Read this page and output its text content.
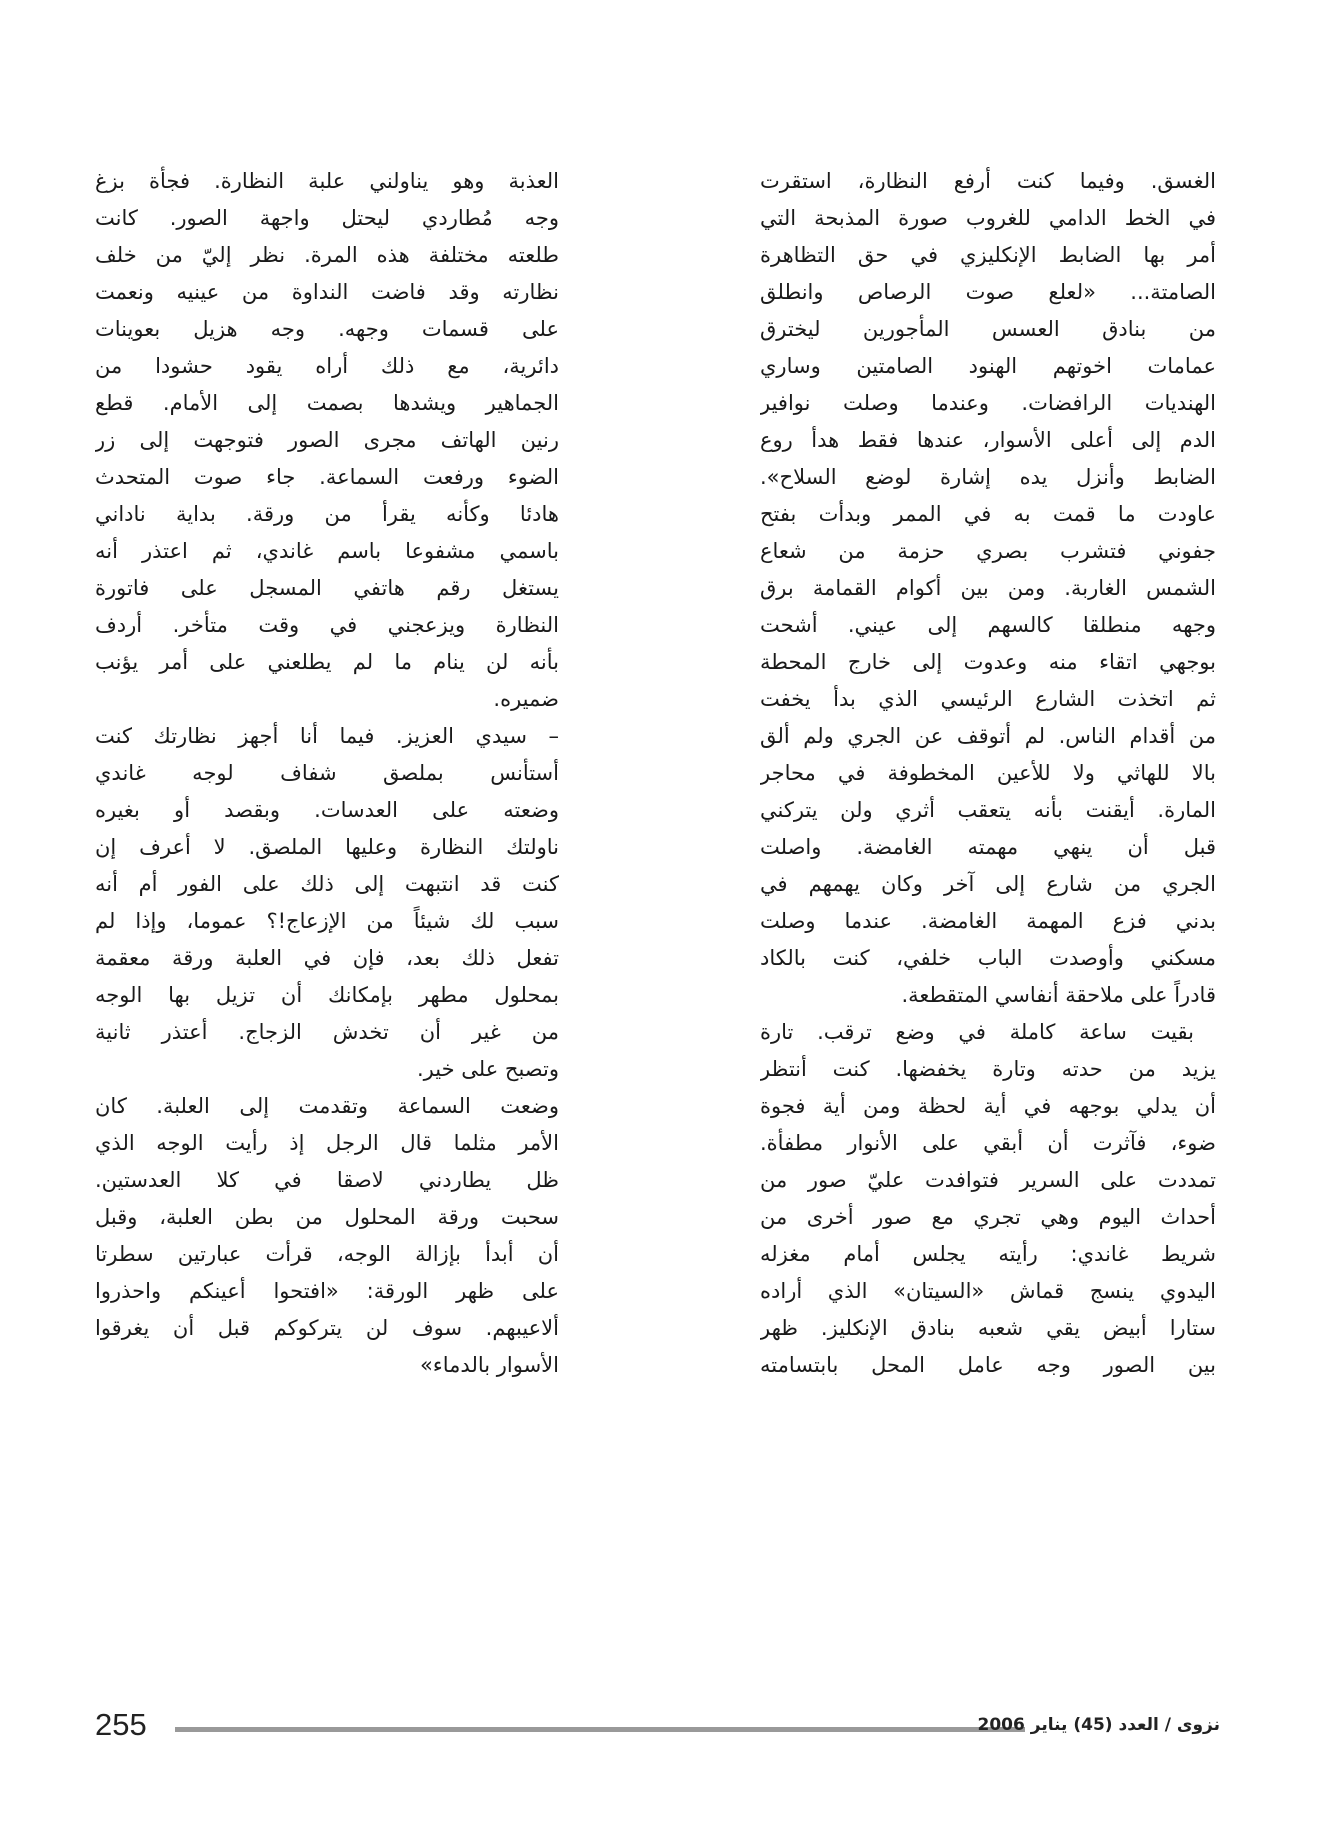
الغسق. وفيما كنت أرفع النظارة، استقرت
في الخط الدامي للغروب صورة المذبحة التي
أمر بها الضابط الإنكليزي في حق التظاهرة
الصامتة... «لعلع صوت الرصاص وانطلق
من بنادق العسس المأجورين ليخترق
عمامات اخوتهم الهنود الصامتين وساري
الهنديات الرافضات. وعندما وصلت نوافير
الدم إلى أعلى الأسوار، عندها فقط هدأ روع
الضابط وأنزل يده إشارة لوضع السلاح».
عاودت ما قمت به في الممر وبدأت بفتح
جفوني فتشرب بصري حزمة من شعاع
الشمس الغاربة. ومن بين أكوام القمامة برق
وجهه منطلقا كالسهم إلى عيني. أشحت
بوجهي اتقاء منه وعدوت إلى خارج المحطة
ثم اتخذت الشارع الرئيسي الذي بدأ يخفت
من أقدام الناس. لم أتوقف عن الجري ولم ألق
بالا للهاثي ولا للأعين المخطوفة في محاجر
المارة. أيقنت بأنه يتعقب أثري ولن يتركني
قبل أن ينهي مهمته الغامضة. واصلت
الجري من شارع إلى آخر وكان يهمهم في
بدني فزع المهمة الغامضة. عندما وصلت
مسكني وأوصدت الباب خلفي، كنت بالكاد
قادراً على ملاحقة أنفاسي المتقطعة.
بقيت ساعة كاملة في وضع ترقب. تارة
يزيد من حدته وتارة يخفضها. كنت أنتظر
أن يدلي بوجهه في أية لحظة ومن أية فجوة
ضوء، فآثرت أن أبقي على الأنوار مطفأة.
تمددت على السرير فتوافدت عليّ صور من
أحداث اليوم وهي تجري مع صور أخرى من
شريط غاندي: رأيته يجلس أمام مغزله
اليدوي ينسج قماش «السيتان» الذي أراده
ستارا أبيض يقي شعبه بنادق الإنكليز. ظهر
بين الصور وجه عامل المحل بابتسامته
العذبة وهو يناولني علبة النظارة. فجأة بزغ
وجه مُطاردي ليحتل واجهة الصور. كانت
طلعته مختلفة هذه المرة. نظر إليّ من خلف
نظارته وقد فاضت النداوة من عينيه ونعمت
على قسمات وجهه. وجه هزيل بعوينات
دائرية، مع ذلك أراه يقود حشودا من
الجماهير ويشدها بصمت إلى الأمام. قطع
رنين الهاتف مجرى الصور فتوجهت إلى زر
الضوء ورفعت السماعة. جاء صوت المتحدث
هادئا وكأنه يقرأ من ورقة. بداية ناداني
باسمي مشفوعا باسم غاندي، ثم اعتذر أنه
يستغل رقم هاتفي المسجل على فاتورة
النظارة ويزعجني في وقت متأخر. أردف
بأنه لن ينام ما لم يطلعني على أمر يؤنب
ضميره.
– سيدي العزيز. فيما أنا أجهز نظارتك كنت
أستأنس بملصق شفاف لوجه غاندي
وضعته على العدسات. وبقصد أو بغيره
ناولتك النظارة وعليها الملصق. لا أعرف إن
كنت قد انتبهت إلى ذلك على الفور أم أنه
سبب لك شيئاً من الإزعاج!؟ عموما، وإذا لم
تفعل ذلك بعد، فإن في العلبة ورقة معقمة
بمحلول مطهر بإمكانك أن تزيل بها الوجه
من غير أن تخدش الزجاج. أعتذر ثانية
وتصبح على خير.
وضعت السماعة وتقدمت إلى العلبة. كان
الأمر مثلما قال الرجل إذ رأيت الوجه الذي
ظل يطاردني لاصقا في كلا العدستين.
سحبت ورقة المحلول من بطن العلبة، وقبل
أن أبدأ بإزالة الوجه، قرأت عبارتين سطرتا
على ظهر الورقة: «افتحوا أعينكم واحذروا
ألاعيبهم. سوف لن يتركوكم قبل أن يغرقوا
الأسوار بالدماء»
255	نزوى / العدد (45) يناير 2006
